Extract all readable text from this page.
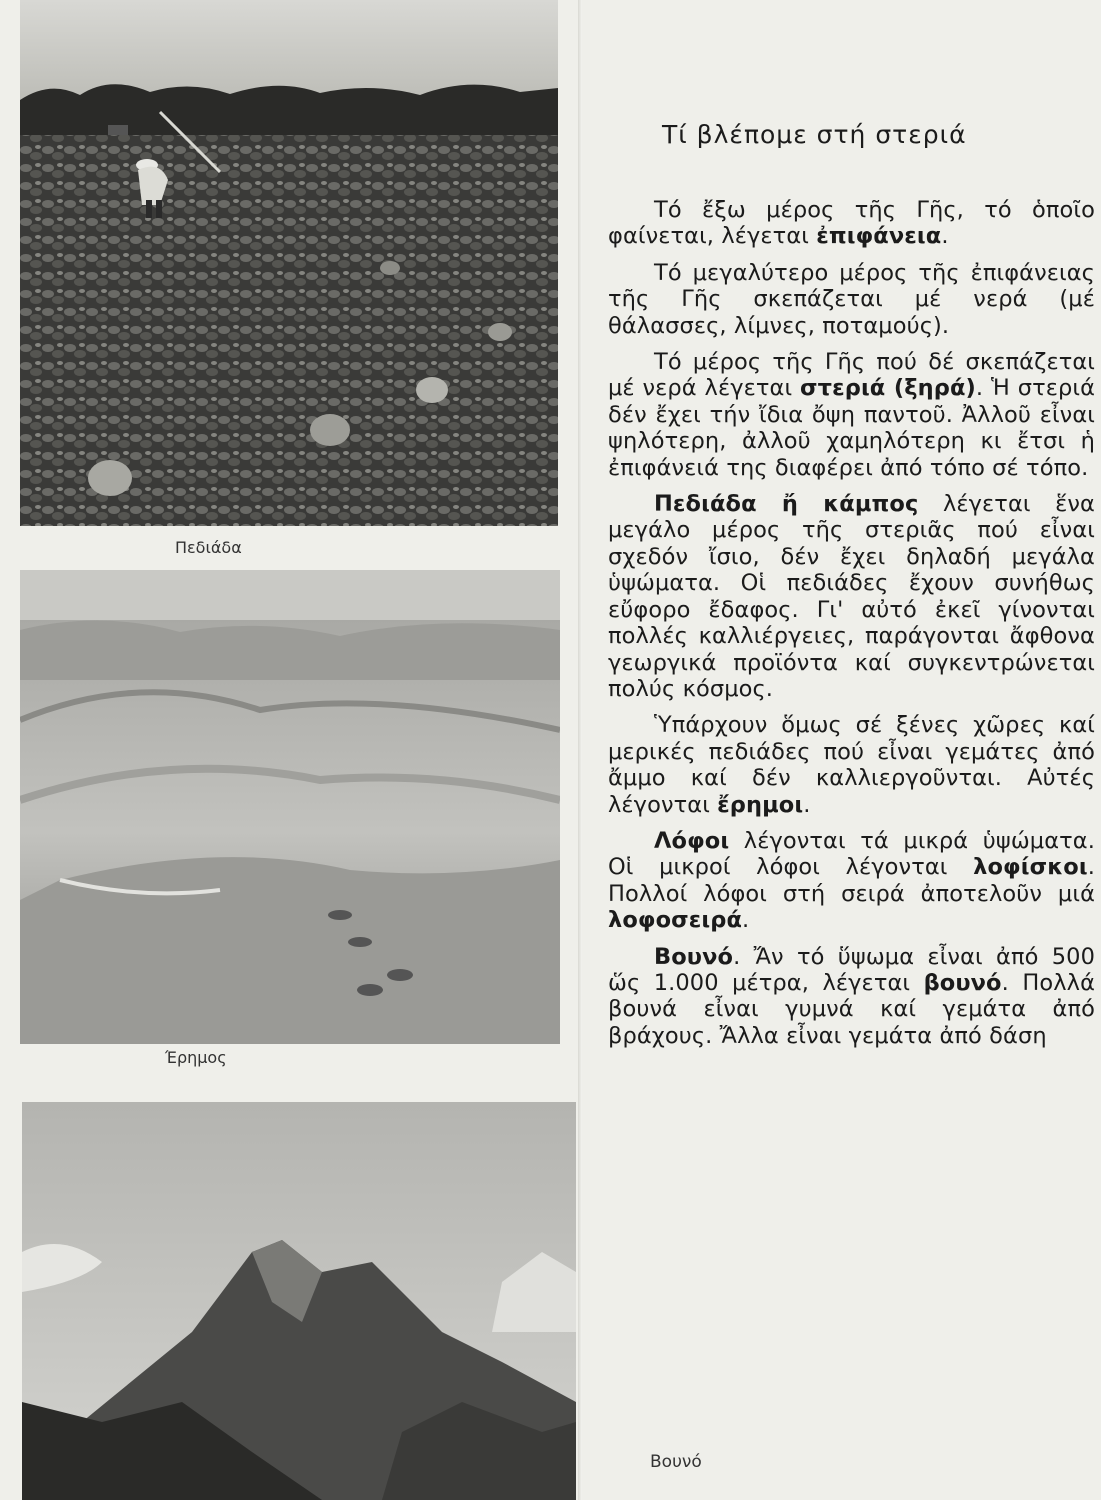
Πεδιάδα
Έρημος
Τί βλέπομε στή στεριά

Τό ἔξω μέρος τῆς Γῆς, τό ὁποῖο φαίνεται, λέγεται ἐπιφάνεια.

Τό μεγαλύτερο μέρος τῆς ἐπιφάνειας τῆς Γῆς σκεπάζεται μέ νερά (μέ θάλασσες, λίμνες, ποταμούς).

Τό μέρος τῆς Γῆς πού δέ σκεπάζεται μέ νερά λέγεται στεριά (ξηρά). Ἡ στεριά δέν ἔχει τήν ἴδια ὄψη παντοῦ. Ἀλλοῦ εἶναι ψηλότερη, ἀλλοῦ χαμηλότερη κι ἔτσι ἡ ἐπιφάνειά της διαφέρει ἀπό τόπο σέ τόπο.

Πεδιάδα ἤ κάμπος λέγεται ἕνα μεγάλο μέρος τῆς στεριᾶς πού εἶναι σχεδόν ἴσιο, δέν ἔχει δηλαδή μεγάλα ὑψώματα. Οἱ πεδιάδες ἔχουν συνήθως εὔφορο ἔδαφος. Γι' αὐτό ἐκεῖ γίνονται πολλές καλλιέργειες, παράγονται ἄφθονα γεωργικά προϊόντα καί συγκεντρώνεται πολύς κόσμος.

Ὑπάρχουν ὅμως σέ ξένες χῶρες καί μερικές πεδιάδες πού εἶναι γεμάτες ἀπό ἄμμο καί δέν καλλιεργοῦνται. Αὐτές λέγονται ἔρημοι.

Λόφοι λέγονται τά μικρά ὑψώματα. Οἱ μικροί λόφοι λέγονται λοφίσκοι. Πολλοί λόφοι στή σειρά ἀποτελοῦν μιά λοφοσειρά.

Βουνό. Ἄν τό ὕψωμα εἶναι ἀπό 500 ὥς 1.000 μέτρα, λέγεται βουνό. Πολλά βουνά εἶναι γυμνά καί γεμάτα ἀπό βράχους. Ἄλλα εἶναι γεμάτα ἀπό δάση

Βουνό
